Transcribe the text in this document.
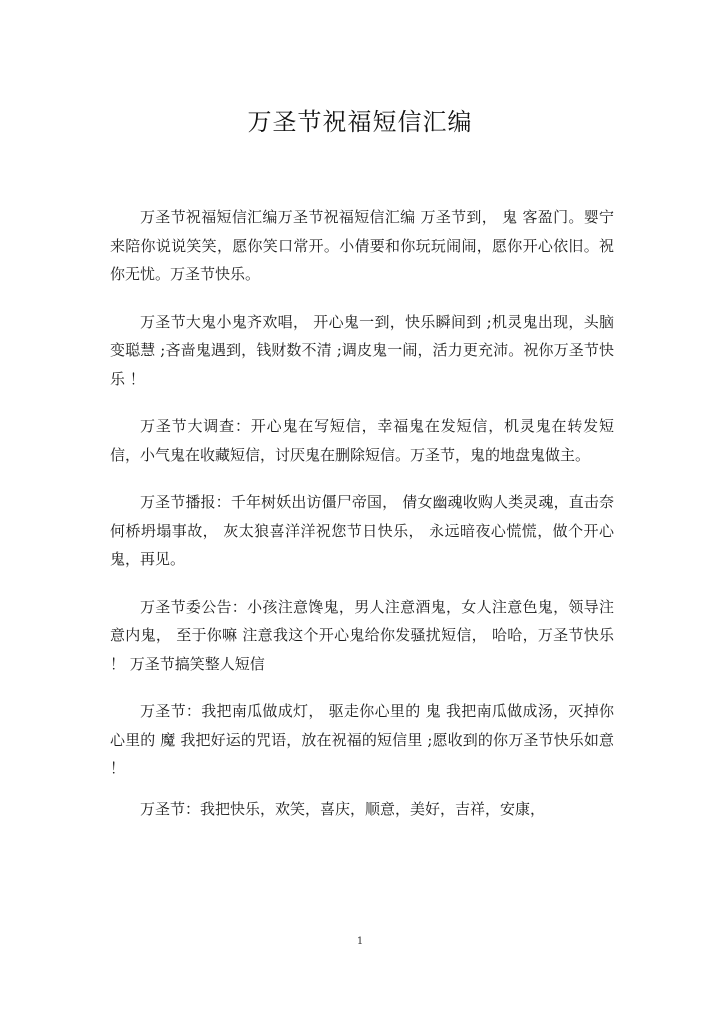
万圣节祝福短信汇编

万圣节祝福短信汇编万圣节祝福短信汇编 万圣节到， 鬼 客盈门。婴宁来陪你说说笑笑，愿你笑口常开。小倩要和你玩玩闹闹，愿你开心依旧。祝你无忧。万圣节快乐。

万圣节大鬼小鬼齐欢唱， 开心鬼一到，快乐瞬间到 ;机灵鬼出现，头脑变聪慧 ;吝啬鬼遇到，钱财数不清 ;调皮鬼一闹，活力更充沛。祝你万圣节快乐 ！

万圣节大调查：开心鬼在写短信，幸福鬼在发短信，机灵鬼在转发短信，小气鬼在收藏短信，讨厌鬼在删除短信。万圣节，鬼的地盘鬼做主。

万圣节播报：千年树妖出访僵尸帝国， 倩女幽魂收购人类灵魂，直击奈何桥坍塌事故， 灰太狼喜洋洋祝您节日快乐， 永远暗夜心慌慌，做个开心鬼，再见。

万圣节委公告：小孩注意馋鬼，男人注意酒鬼，女人注意色鬼，领导注意内鬼， 至于你嘛 注意我这个开心鬼给你发骚扰短信， 哈哈，万圣节快乐 ！ 万圣节搞笑整人短信

万圣节：我把南瓜做成灯， 驱走你心里的 鬼 我把南瓜做成汤，灭掉你心里的 魔 我把好运的咒语，放在祝福的短信里 ;愿收到的你万圣节快乐如意 ！

万圣节：我把快乐，欢笑，喜庆，顺意，美好，吉祥，安康，

1
